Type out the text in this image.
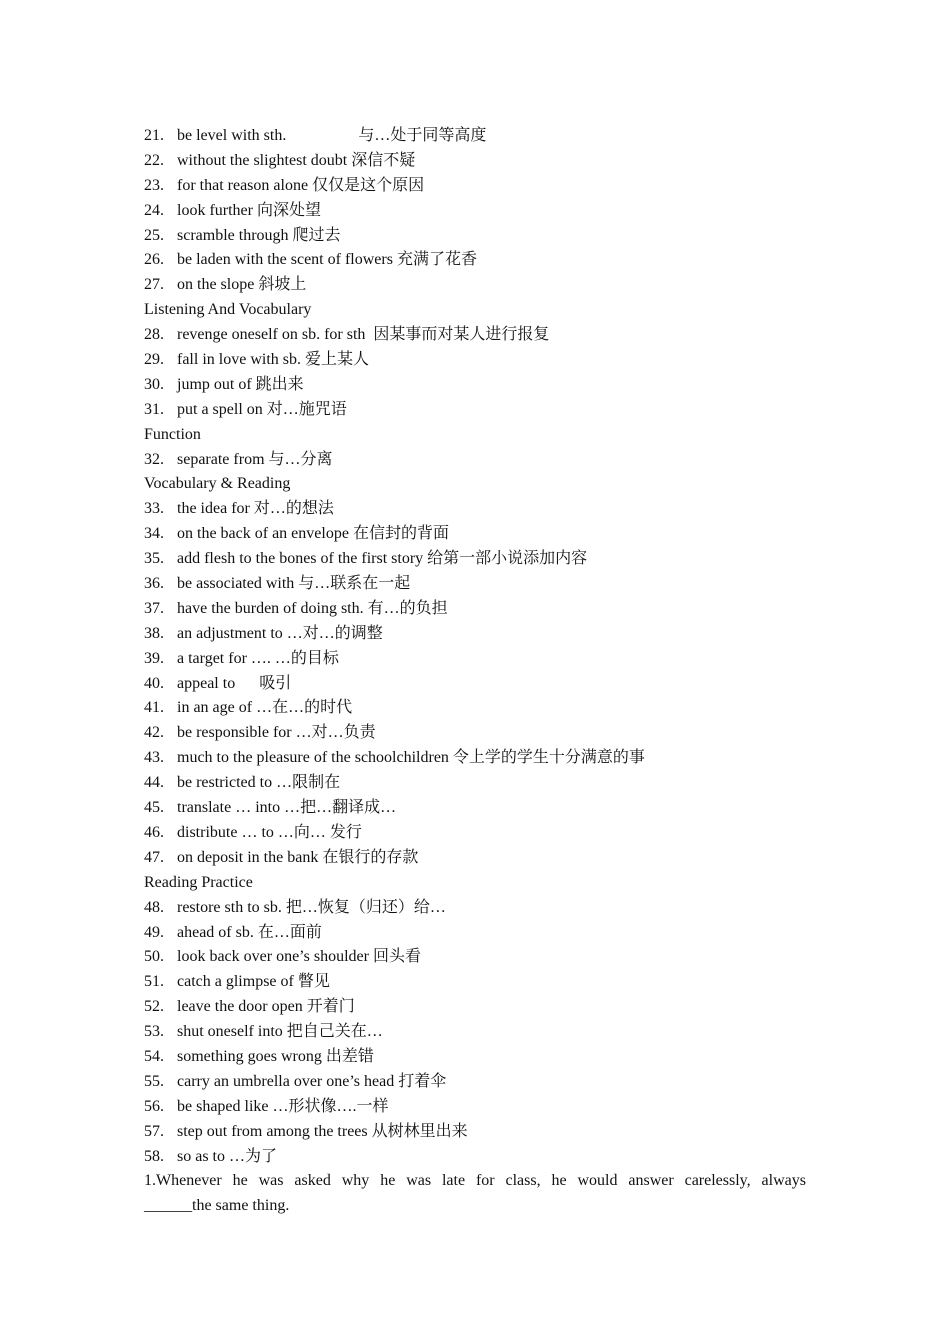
21. be level with sth.	与…处于同等高度
22. without the slightest doubt 深信不疑
23. for that reason alone 仅仅是这个原因
24. look further 向深处望
25. scramble through 爬过去
26. be laden with the scent of flowers 充满了花香
27. on the slope 斜坡上
Listening And Vocabulary
28. revenge oneself on sb. for sth 因某事而对某人进行报复
29. fall in love with sb. 爱上某人
30. jump out of 跳出来
31. put a spell on 对…施咒语
Function
32. separate from 与…分离
Vocabulary & Reading
33. the idea for 对…的想法
34. on the back of an envelope 在信封的背面
35. add flesh to the bones of the first story 给第一部小说添加内容
36. be associated with 与…联系在一起
37. have the burden of doing sth. 有…的负担
38. an adjustment to …对…的调整
39. a target for …. …的目标
40. appeal to 吸引
41. in an age of …在…的时代
42. be responsible for …对…负责
43. much to the pleasure of the schoolchildren 令上学的学生十分满意的事
44. be restricted to …限制在
45. translate … into …把…翻译成…
46. distribute … to …向… 发行
47. on deposit in the bank 在银行的存款
Reading Practice
48. restore sth to sb. 把…恢复（归还）给…
49. ahead of sb. 在…面前
50. look back over one’s shoulder 回头看
51. catch a glimpse of 瞥见
52. leave the door open 开着门
53. shut oneself into 把自己关在…
54. something goes wrong 出差错
55. carry an umbrella over one’s head 打着伞
56. be shaped like …形状像….一样
57. step out from among the trees 从树林里出来
58. so as to …为了
1.Whenever he was asked why he was late for class, he would answer carelessly, always
______the same thing.
